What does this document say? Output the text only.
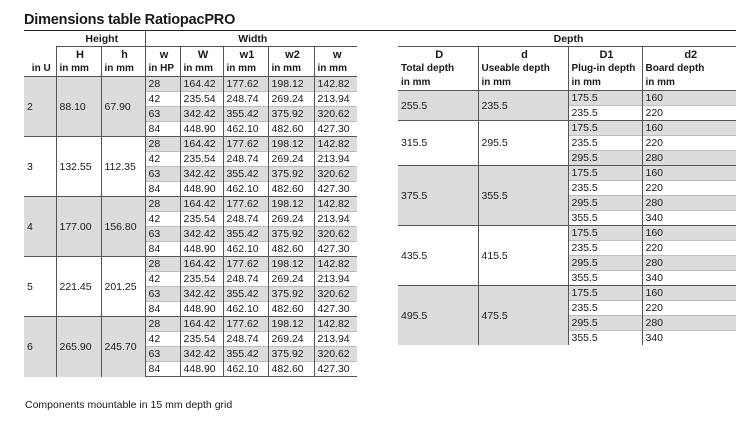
Dimensions table RatiopacPRO
	Height		Width				
	H	h	w	W	w1	w2	w
in U	in mm	in mm	in HP	in mm	in mm	in mm	in mm
2	88.10	67.90	28	164.42	177.62	198.12	142.82
			42	235.54	248.74	269.24	213.94
			63	342.42	355.42	375.92	320.62
			84	448.90	462.10	482.60	427.30
3	132.55	112.35	28	164.42	177.62	198.12	142.82
			42	235.54	248.74	269.24	213.94
			63	342.42	355.42	375.92	320.62
			84	448.90	462.10	482.60	427.30
4	177.00	156.80	28	164.42	177.62	198.12	142.82
			42	235.54	248.74	269.24	213.94
			63	342.42	355.42	375.92	320.62
			84	448.90	462.10	482.60	427.30
5	221.45	201.25	28	164.42	177.62	198.12	142.82
			42	235.54	248.74	269.24	213.94
			63	342.42	355.42	375.92	320.62
			84	448.90	462.10	482.60	427.30
6	265.90	245.70	28	164.42	177.62	198.12	142.82
			42	235.54	248.74	269.24	213.94
			63	342.42	355.42	375.92	320.62
			84	448.90	462.10	482.60	427.30
Depth			
D	d	D1	d2
Total depth	Useable depth	Plug-in depth	Board depth
in mm	in mm	in mm	in mm
255.5	235.5	175.5	160
		235.5	220
315.5	295.5	175.5	160
		235.5	220
		295.5	280
375.5	355.5	175.5	160
		235.5	220
		295.5	280
		355.5	340
435.5	415.5	175.5	160
		235.5	220
		295.5	280
		355.5	340
495.5	475.5	175.5	160
		235.5	220
		295.5	280
		355.5	340
Components mountable in 15 mm depth grid
